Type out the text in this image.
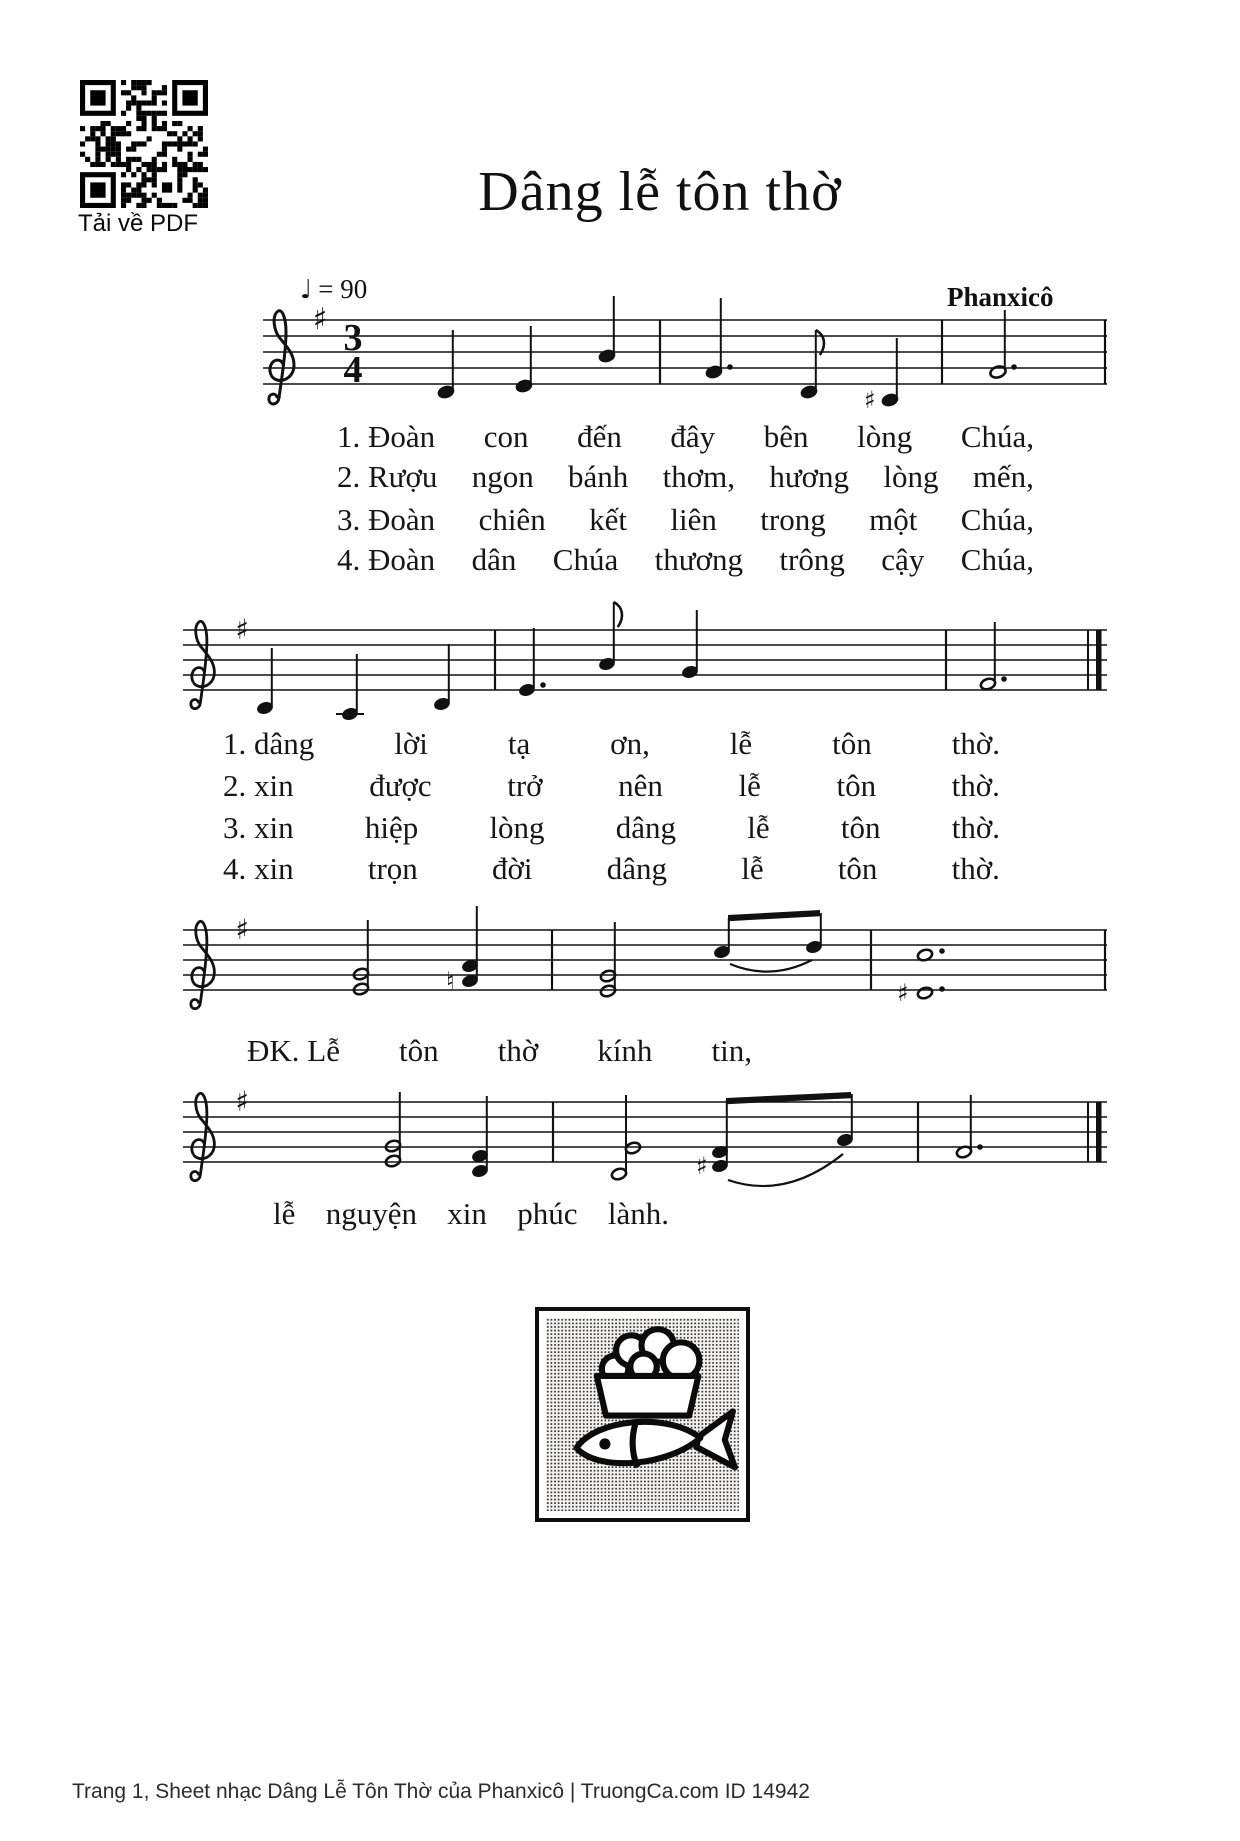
Tải về PDF
Dâng lễ tôn thờ
♩ = 90	Phanxicô
♯ 3
4
♯
♯
♯
♮	♯
♯
♯
1. Đoàn con đến đây bên lòng Chúa,
2. Rượu ngon bánh thơm, hương lòng mến,
3. Đoàn chiên kết liên trong một Chúa,
4. Đoàn dân Chúa thương trông cậy Chúa,
1. dâng	lời	tạ	ơn,	lễ	tôn	thờ.
2. xin được trở nên lễ tôn thờ.
3. xin hiệp lòng dâng lễ tôn thờ.
4. xin trọn đời dâng lễ tôn thờ.
ĐK. Lễ tôn thờ kính tin,
lễ nguyện xin phúc lành.
Trang 1, Sheet nhạc Dâng Lễ Tôn Thờ của Phanxicô | TruongCa.com ID 14942
